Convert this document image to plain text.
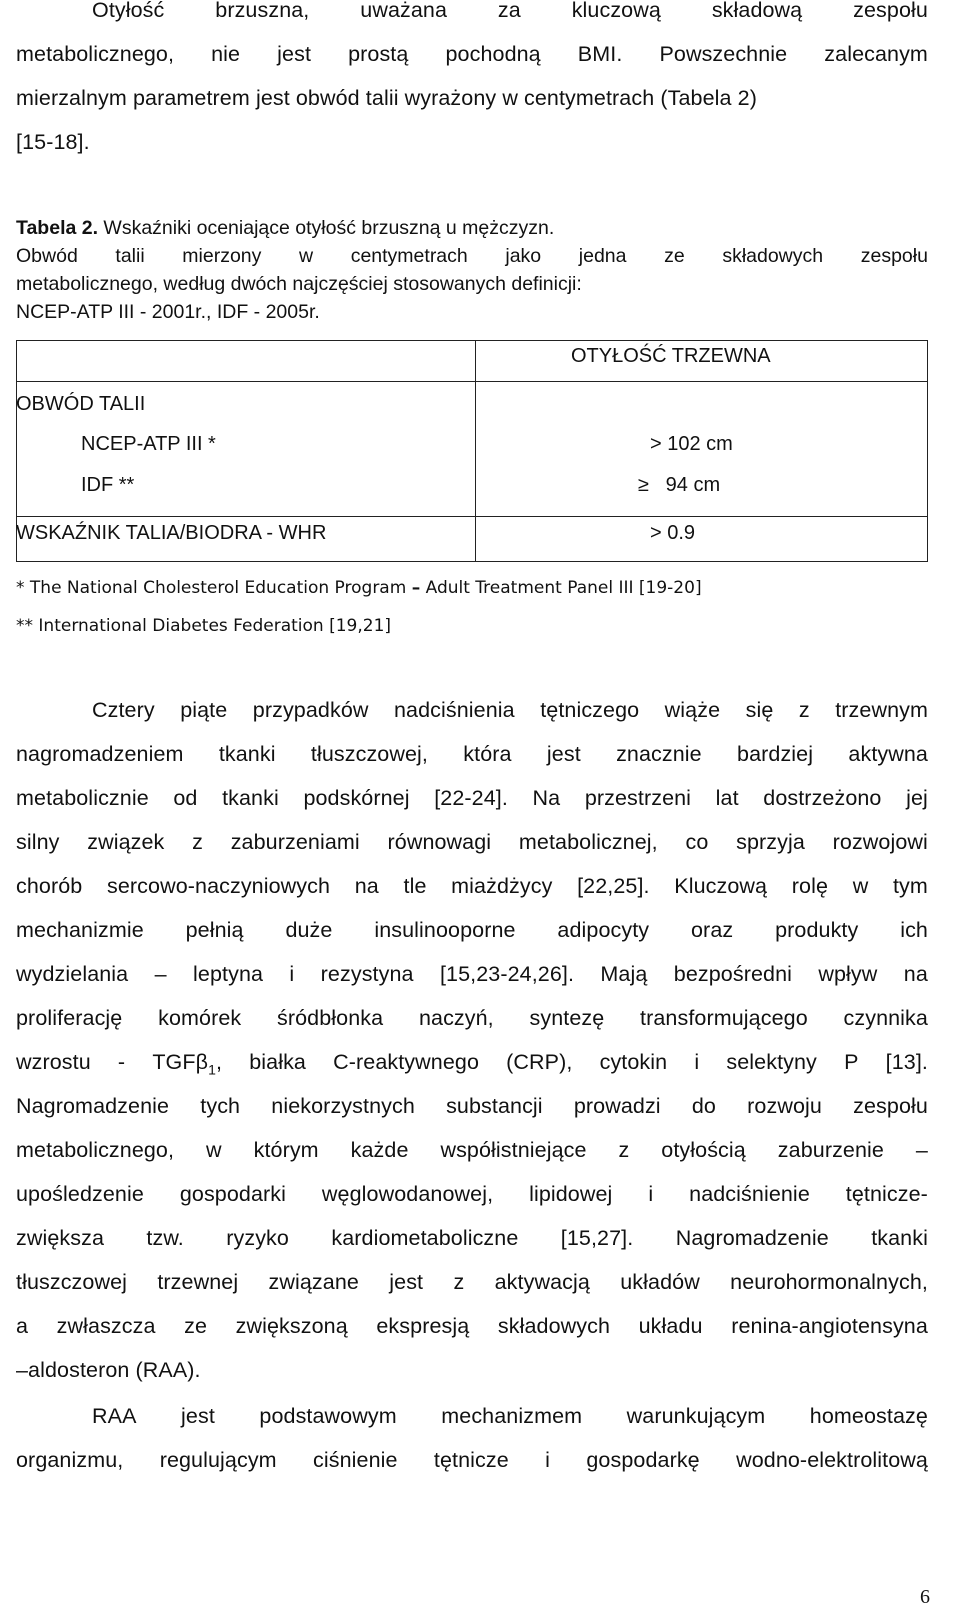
Otyłość brzuszna, uważana za kluczową składową zespołu
metabolicznego, nie jest prostą pochodną BMI. Powszechnie zalecanym
mierzalnym parametrem jest obwód talii wyrażony w centymetrach (Tabela 2)
[15-18].
Tabela 2. Wskaźniki oceniające otyłość brzuszną u mężczyzn.
Obwód talii mierzony w centymetrach jako jedna ze składowych zespołu
metabolicznego, według dwóch najczęściej stosowanych definicji:
NCEP-ATP III - 2001r., IDF - 2005r.
OTYŁOŚĆ TRZEWNA
OBWÓD TALII
NCEP-ATP III *
IDF **
> 102 cm
≥ 94 cm
WSKAŹNIK TALIA/BIODRA - WHR	> 0.9
* The National Cholesterol Education Program – Adult Treatment Panel III [19-20]
** International Diabetes Federation [19,21]
Cztery piąte przypadków nadciśnienia tętniczego wiąże się z trzewnym
nagromadzeniem tkanki tłuszczowej, która jest znacznie bardziej aktywna
metabolicznie od tkanki podskórnej [22-24]. Na przestrzeni lat dostrzeżono jej
silny związek z zaburzeniami równowagi metabolicznej, co sprzyja rozwojowi
chorób sercowo-naczyniowych na tle miażdżycy [22,25]. Kluczową rolę w tym
mechanizmie pełnią duże insulinooporne adipocyty oraz produkty ich
wydzielania – leptyna i rezystyna [15,23-24,26]. Mają bezpośredni wpływ na
proliferację komórek śródbłonka naczyń, syntezę transformującego czynnika
wzrostu - TGFβ$_1$, białka C-reaktywnego (CRP), cytokin i selektyny P [13].
Nagromadzenie tych niekorzystnych substancji prowadzi do rozwoju zespołu
metabolicznego, w którym każde współistniejące z otyłością zaburzenie –
upośledzenie gospodarki węglowodanowej, lipidowej i nadciśnienie tętnicze-
zwiększa tzw. ryzyko kardiometaboliczne [15,27]. Nagromadzenie tkanki
tłuszczowej trzewnej związane jest z aktywacją układów neurohormonalnych,
a zwłaszcza ze zwiększoną ekspresją składowych układu renina-angiotensyna
–aldosteron (RAA).
RAA jest podstawowym mechanizmem warunkującym homeostazę
organizmu, regulującym ciśnienie tętnicze i gospodarkę wodno-elektrolitową
6
